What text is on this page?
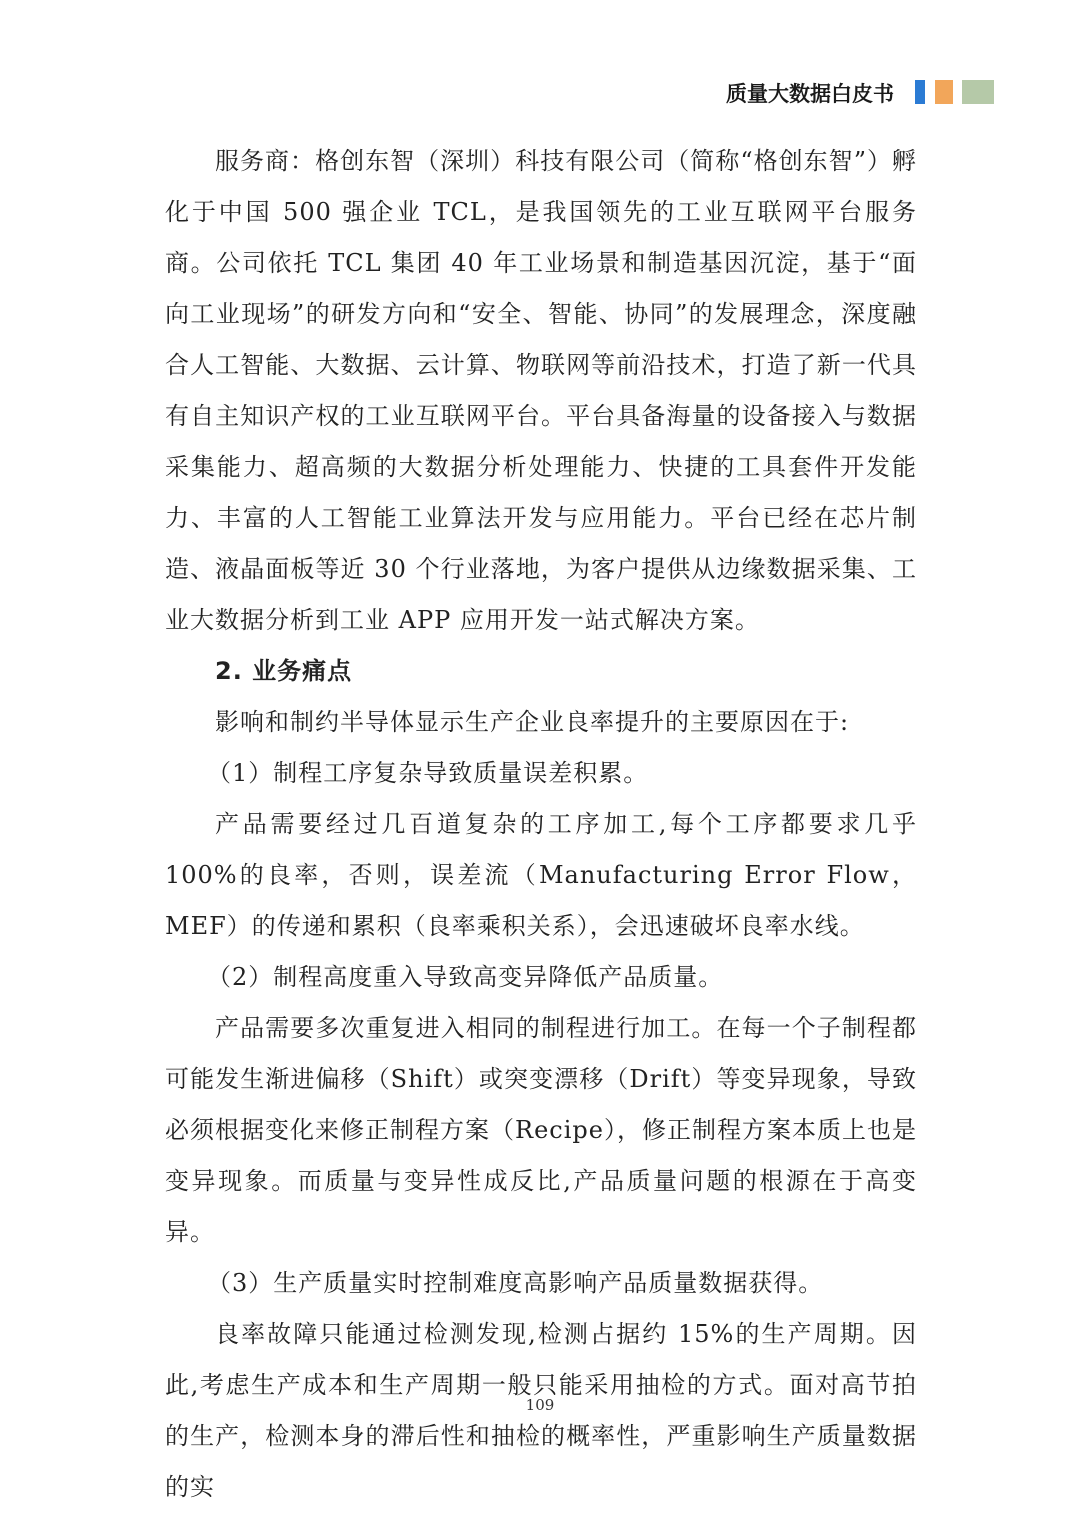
质量大数据白皮书

服务商：格创东智（深圳）科技有限公司（简称“格创东智”）孵化于中国 500 强企业 TCL，是我国领先的工业互联网平台服务商。公司依托 TCL 集团 40 年工业场景和制造基因沉淀，基于“面向工业现场”的研发方向和“安全、智能、协同”的发展理念，深度融合人工智能、大数据、云计算、物联网等前沿技术，打造了新一代具有自主知识产权的工业互联网平台。平台具备海量的设备接入与数据采集能力、超高频的大数据分析处理能力、快捷的工具套件开发能力、丰富的人工智能工业算法开发与应用能力。平台已经在芯片制造、液晶面板等近 30 个行业落地，为客户提供从边缘数据采集、工业大数据分析到工业 APP 应用开发一站式解决方案。

2. 业务痛点

影响和制约半导体显示生产企业良率提升的主要原因在于:

（1）制程工序复杂导致质量误差积累。

产品需要经过几百道复杂的工序加工,每个工序都要求几乎100%的良率，否则，误差流（Manufacturing Error Flow，MEF）的传递和累积（良率乘积关系），会迅速破坏良率水线。

（2）制程高度重入导致高变异降低产品质量。

产品需要多次重复进入相同的制程进行加工。在每一个子制程都可能发生渐进偏移（Shift）或突变漂移（Drift）等变异现象，导致必须根据变化来修正制程方案（Recipe），修正制程方案本质上也是变异现象。而质量与变异性成反比,产品质量问题的根源在于高变异。

（3）生产质量实时控制难度高影响产品质量数据获得。

良率故障只能通过检测发现,检测占据约 15%的生产周期。因此,考虑生产成本和生产周期一般只能采用抽检的方式。面对高节拍的生产，检测本身的滞后性和抽检的概率性，严重影响生产质量数据的实

109
